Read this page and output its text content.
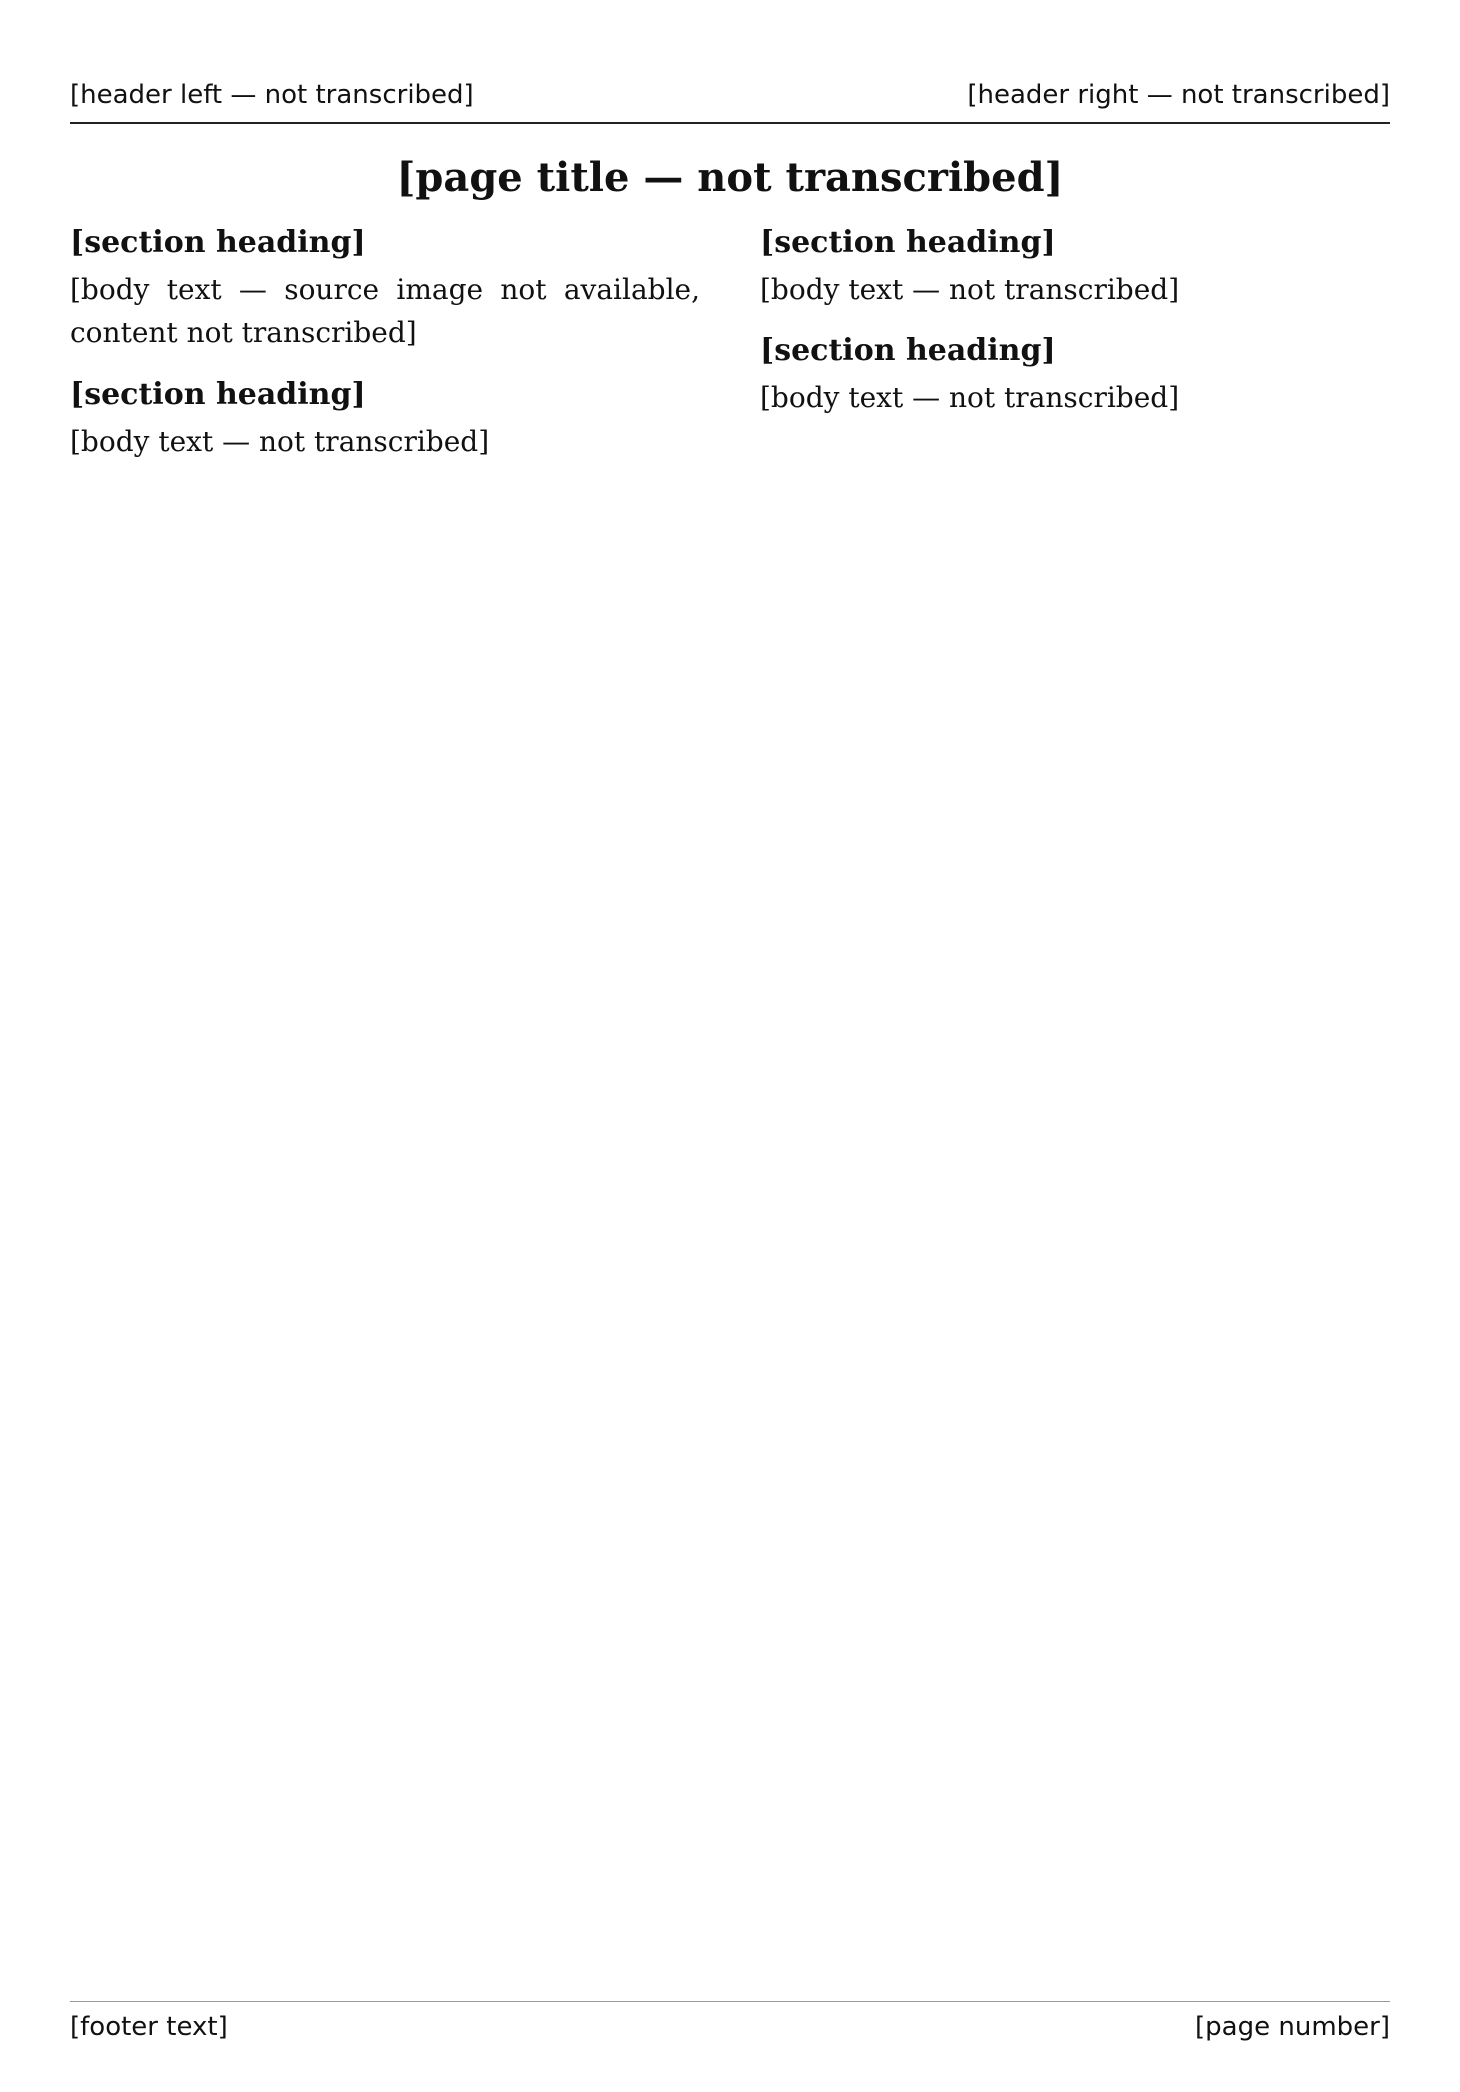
[header left — not transcribed]	[header right — not transcribed]
[page title — not transcribed]
[section heading]
[body text — source image not available, content not transcribed]
[section heading]
[body text — not transcribed]
[section heading]
[body text — not transcribed]
[section heading]
[body text — not transcribed]
[footer text]	[page number]
